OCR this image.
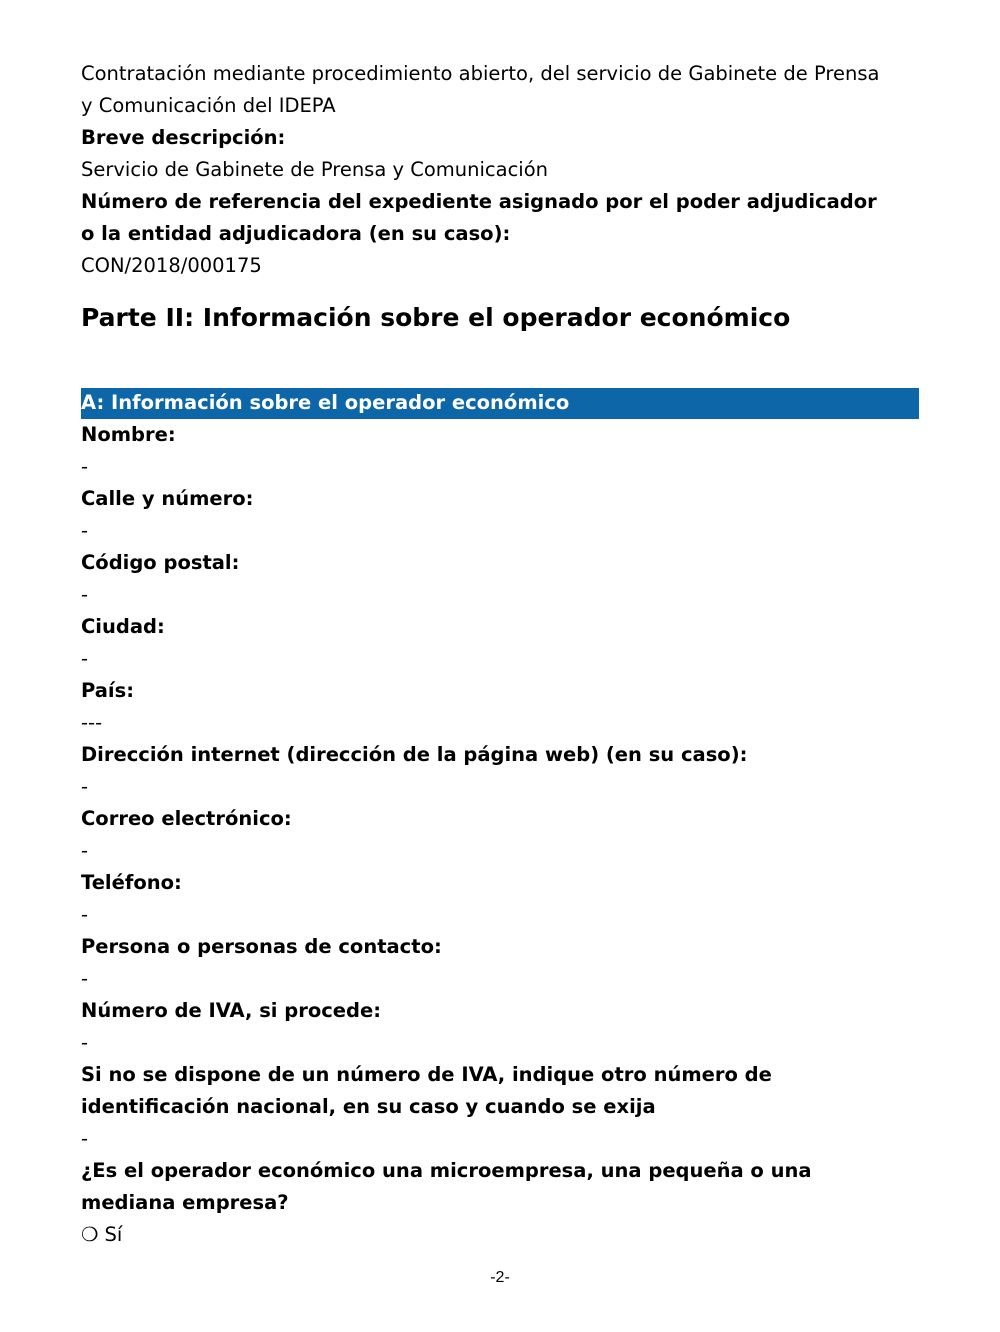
Contratación mediante procedimiento abierto, del servicio de Gabinete de Prensa
y Comunicación del IDEPA
Breve descripción:
Servicio de Gabinete de Prensa y Comunicación
Número de referencia del expediente asignado por el poder adjudicador
o la entidad adjudicadora (en su caso):
CON/2018/000175
Parte II: Información sobre el operador económico
A: Información sobre el operador económico
Nombre:
-
Calle y número:
-
Código postal:
-
Ciudad:
-
País:
---
Dirección internet (dirección de la página web) (en su caso):
-
Correo electrónico:
-
Teléfono:
-
Persona o personas de contacto:
-
Número de IVA, si procede:
-
Si no se dispone de un número de IVA, indique otro número de
identificación nacional, en su caso y cuando se exija
-
¿Es el operador económico una microempresa, una pequeña o una
mediana empresa?
❍ Sí
-2-
